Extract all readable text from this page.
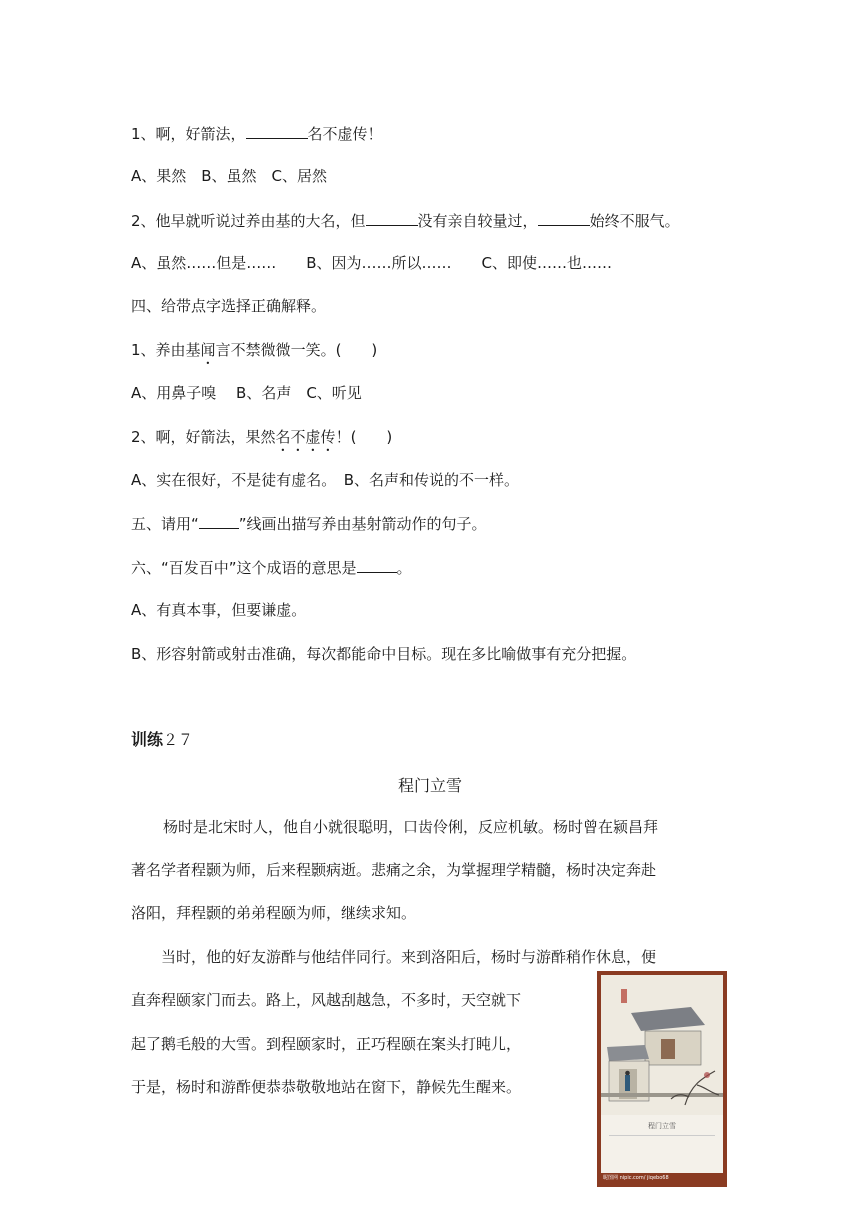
1、啊，好箭法，	名不虚传！
A、果然　B、虽然　C、居然
2、他早就听说过养由基的大名，但	没有亲自较量过，	始终不服气。
A、虽然……但是……　　B、因为……所以……　　C、即使……也……
四、给带点字选择正确解释。
1、养由基闻言不禁微微一笑。(　　)
A、用鼻子嗅　 B、名声　C、听见
2、啊，好箭法，果然名不虚传！(　　)
A、实在很好，不是徒有虚名。　B、名声和传说的不一样。
五、请用“	”线画出描写养由基射箭动作的句子。
六、“百发百中”这个成语的意思是	。
A、有真本事，但要谦虚。
B、形容射箭或射击准确，每次都能命中目标。现在多比喻做事有充分把握。
训练２７
程门立雪
杨时是北宋时人，他自小就很聪明，口齿伶俐，反应机敏。杨时曾在颍昌拜
著名学者程颢为师，后来程颢病逝。悲痛之余，为掌握理学精髓，杨时决定奔赴
洛阳，拜程颢的弟弟程颐为师，继续求知。
当时，他的好友游酢与他结伴同行。来到洛阳后，杨时与游酢稍作休息，便
直奔程颐家门而去。路上，风越刮越急，不多时，天空就下
起了鹅毛般的大雪。到程颐家时，正巧程颐在案头打盹儿，
于是，杨时和游酢便恭恭敬敬地站在窗下，静候先生醒来。
程门立雪
昵图网 nipic.com/ jiqebo68
